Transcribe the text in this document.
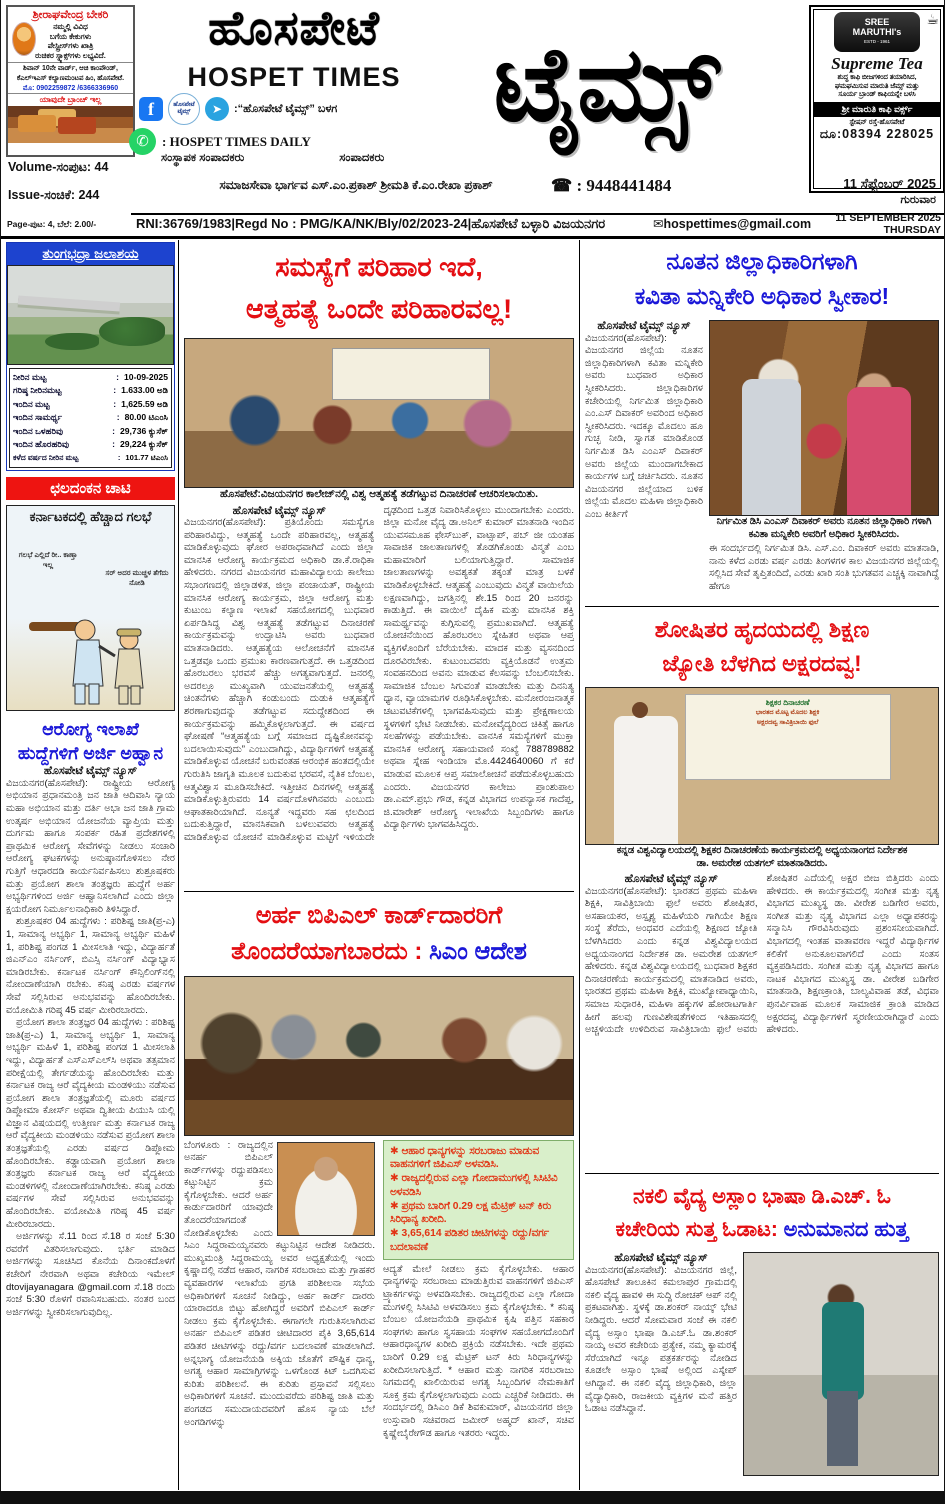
ಶ್ರೀರಾಘವೇಂದ್ರ ಬೇಕರಿ
ನಮ್ಮಲ್ಲಿ ವಿವಿಧ
ಬಗೆಯ ಕೇಕುಗಳು
ಪೇಸ್ಟ್ರೀಸ್‌ಗಳು ಖಾತ್ರಿ
ರುಚಿಕರ ಸ್ನ್ಯಾಕ್ಸ್‌ಗಳು ಲಭ್ಯವಿದೆ.
ಶಿವಾನ್ 10ನೇ ವಾರ್ಡ್, ಆಚಿ ಕಾಂಪೌಂಡ್,
ಕೆಎಲ್‌ಇಎಸ್ ಕಲ್ಯಾಣಮಂಟಪ ಹಿಂ, ಹೊಸಪೇಟೆ.
ಮೊ: 0902259872 /6366336960
ಯಾವುದೇ ಬ್ರಾಂಚ್ ಇಲ್ಲ
ಹೊಸಪೇಟೆ
HOSPET TIMES
f	ಹೊಸಪೇಟೆ ಟೈಮ್ಸ್	➤	:“ಹೊಸಪೇಟೆ ಟೈಮ್ಸ್” ಬಳಗ
✆	: HOSPET TIMES DAILY	ಟೈಮ್ಸ್
☕
SREE
MARUTHI's
ESTD - 1961
Supreme Tea
ಶುದ್ಧ ಕಾಫಿ ಬೀಜಗಳಿಂದ ತಯಾರಿಸಿದ,
ಘಮಘಮಿಸುವ ಮಾರುತಿ ಜೆಮ್ಸ್ ಮತ್ತು
ಸೂರ್ಯ ಬ್ರಾಂಡ್ ಕಾಫಿಯನ್ನೇ ಬಳಸಿ
ಶ್ರೀ ಮಾರುತಿ ಕಾಫಿ ವರ್ಕ್ಸ್
ಸ್ಟೇಷನ್ ರಸ್ತೆ-ಹೊಸಪೇಟೆ
ದೂ:08394 228025
Volume-ಸಂಪುಟ: 44
Issue-ಸಂಚಿಕೆ: 244
ಸಂಸ್ಥಾಪಕ ಸಂಪಾದಕರು	ಸಂಪಾದಕರು
ಸಮಾಜಸೇವಾ ಭಾರ್ಗವ ಎಸ್.ಎಂ.ಪ್ರಕಾಶ್ ಶ್ರೀಮತಿ ಕೆ.ಎಂ.ರೇಖಾ ಪ್ರಕಾಶ್	☎ : 9448441484	11 ಸೆಪ್ಟೆಂಬರ್ 2025
ಗುರುವಾರ
Page-ಪುಟ: 4, ಬೆಲೆ: 2.00/-	RNI:36769/1983|Regd No : PMG/KA/NK/Bly/02/2023-24|ಹೊಸಪೇಟೆ ಬಳ್ಳಾರಿ ವಿಜಯನಗರ	✉hospettimes@gmail.com 11 SEPTEMBER 2025
THURSDAY
ತುಂಗಭದ್ರಾ ಜಲಾಶಯ
ನೀರಿನ ಮಟ್ಟ	: 10-09-2025
ಗರಿಷ್ಠ ನೀರಿನಮಟ್ಟ	: 1.633.00 ಅಡಿ
ಇಂದಿನ ಮಟ್ಟ	: 1,625.59 ಅಡಿ
ಇಂದಿನ ಸಾಮರ್ಥ್ಯ	: 80.00 ಟಿಎಂಸಿ
ಇಂದಿನ ಒಳಹರಿವು	: 29,736 ಕ್ಯುಸೆಕ್
ಇಂದಿನ ಹೊರಹರಿವು	: 29,224 ಕ್ಯುಸೆಕ್
ಕಳೆದ ವರ್ಷದ ನೀರಿನ ಮಟ್ಟ	: 101.77 ಟಿಎಂಸಿ
ಛಲದಂಕನ ಚಾಟಿ
ಕರ್ನಾಟಕದಲ್ಲಿ ಹೆಚ್ಚಾದ ಗಲಭೆ
ಗಲಭೆ ಎಲ್ಲಿದೆ ರೀ.. ಕಾಣ್ತಾ ಇಲ್ಲ
ಸರ್ ಅದರ ಮುಚ್ಚಳ ತೆಗೆದು ನೋಡಿ
ಆರೋಗ್ಯ ಇಲಾಖೆ
ಹುದ್ದೆಗಳಿಗೆ ಅರ್ಜಿ ಅಹ್ವಾನ
ಹೊಸಪೇಟೆ ಟೈಮ್ಸ್ ನ್ಯೂಸ್
ವಿಜಯನಗರ(ಹೊಸಪೇಟೆ): ರಾಷ್ಟ್ರೀಯ ಆರೋಗ್ಯ ಅಭಿಯಾನ ಪ್ರಧಾನಮಂತ್ರಿ ಜನ ಜಾತಿ ಆದಿವಾಸಿ ನ್ಯಾಯ ಮಹಾ ಅಭಿಯಾನ ಮತ್ತು ದರ್ತಿ ಅಭಾ ಜನ ಜಾತಿ ಗ್ರಾಮ ಉತ್ಕರ್ಷ ಅಭಿಯಾನ ಯೋಜನೆಯ ವ್ಯಾಪ್ತಿಯ ಮತ್ತು ದುರ್ಗಮ ಹಾಗೂ ಸಂಪರ್ಕ ರಹಿತ ಪ್ರದೇಶಗಳಲ್ಲಿ ಪ್ರಾಥಮಿಕ ಆರೋಗ್ಯ ಸೇವೆಗಳನ್ನು ನೀಡಲು ಸಂಚಾರಿ ಆರೋಗ್ಯ ಘಟಕಗಳನ್ನು ಅನುಷ್ಠಾನಗೊಳಿಸಲು ನೇರ ಗುತ್ತಿಗೆ ಆಧಾರದಡಿ ಕಾರ್ಯನಿರ್ವಹಿಸಲು ಶುಶ್ರೂಷಕರು ಮತ್ತು ಪ್ರಯೋಗ ಶಾಲಾ ತಂತ್ರಜ್ಞರು ಹುದ್ದೆಗೆ ಅರ್ಹ ಅಭ್ಯರ್ಥಿಗಳಿಂದ ಅರ್ಜಿ ಆಹ್ವಾನಿಸಲಾಗಿದೆ ಎಂದು ಜಿಲ್ಲಾ ಕ್ಷಯರೋಗ ನಿರ್ಮೂಲನಾಧಿಕಾರಿ ತಿಳಿಸಿದ್ದಾರೆ.
ಶುಶ್ರೂಷಕರ 04 ಹುದ್ದೆಗಳು : ಪರಿಶಿಷ್ಟ ಜಾತಿ(ಪ್ರ-ಎ) 1, ಸಾಮಾನ್ಯ ಅಭ್ಯರ್ಥಿ 1, ಸಾಮಾನ್ಯ ಅಭ್ಯರ್ಥಿ ಮಹಿಳೆ 1, ಪರಿಶಿಷ್ಟ ಪಂಗಡ 1 ಮೀಸಲಾತಿ ಇದ್ದು, ವಿದ್ಯಾರ್ಹತೆ ಜಿಎನ್ಎಂ ನರ್ಸಿಂಗ್, ಬಿಎಸ್ಸಿ ನರ್ಸಿಂಗ್ ವಿದ್ಯಾಭ್ಯಾಸ ಮಾಡಿರಬೇಕು. ಕರ್ನಾಟಕ ನರ್ಸಿಂಗ್ ಕೌನ್ಸಿಲಿಂಗ್‌ನಲ್ಲಿ ನೋಂದಾಣೆಯಾಗಿ ರಬೇಕು. ಕನಿಷ್ಠ ಎರಡು ವರ್ಷಗಳ ಸೇವೆ ಸಲ್ಲಿಸಿರುವ ಅನುಭವವನ್ನು ಹೊಂದಿರಬೇಕು. ವಯೋಮಿತಿ ಗರಿಷ್ಠ 45 ವರ್ಷ ಮೀರಿರಬಾರದು.
ಪ್ರಯೋಗ ಶಾಲಾ ತಂತ್ರಜ್ಞರ 04 ಹುದ್ದೆಗಳು : ಪರಿಶಿಷ್ಟ ಜಾತಿ(ಪ್ರ-ಎ) 1, ಸಾಮಾನ್ಯ ಅಭ್ಯರ್ಥಿ 1, ಸಾಮಾನ್ಯ ಅಭ್ಯರ್ಥಿ ಮಹಿಳೆ 1, ಪರಿಶಿಷ್ಟ ಪಂಗಡ 1 ಮೀಸಲಾತಿ ಇದ್ದು, ವಿದ್ಯಾರ್ಹತೆ ಎಸ್‌ಎಸ್‌ಎಲ್‌ಸಿ ಅಥವಾ ತತ್ಸಮಾನ ಪರೀಕ್ಷೆಯಲ್ಲಿ ತೇರ್ಗಡೆಯನ್ನು ಹೊಂದಿರಬೇಕು ಮತ್ತು ಕರ್ನಾಟಕ ರಾಜ್ಯ ಆರೆ ವೈದ್ಯಕೀಯ ಮಂಡಳಿಯು ನಡೆಸುವ ಪ್ರಯೋಗ ಶಾಲಾ ತಂತ್ರಜ್ಞತೆಯಲ್ಲಿ ಮೂರು ವರ್ಷದ ಡಿಪ್ಲೋಮಾ ಕೋರ್ಸ್ ಅಥವಾ ದ್ವಿತೀಯ ಪಿಯುಸಿ ಯಲ್ಲಿ ವಿಜ್ಞಾನ ವಿಷಯದಲ್ಲಿ ಉತ್ತೀರ್ಣ ಮತ್ತು ಕರ್ನಾಟಕ ರಾಜ್ಯ ಆರೆ ವೈದ್ಯಕೀಯ ಮಂಡಳಿಯು ನಡೆಸುವ ಪ್ರಯೋಗ ಶಾಲಾ ತಂತ್ರಜ್ಞತೆಯಲ್ಲಿ ಎರಡು ವರ್ಷದ ಡಿಪ್ಲೋಮ ಹೊಂದಿರಬೇಕು. ಕಡ್ಡಾಯವಾಗಿ ಪ್ರಯೋಗ ಶಾಲಾ ತಂತ್ರಜ್ಞರು ಕರ್ನಾಟಕ ರಾಜ್ಯ ಆರೆ ವೈದ್ಯಕೀಯ ಮಂಡಳಿಗಳಲ್ಲಿ ನೋಂದಾಣೆಯಾಗಿರಬೇಕು. ಕನಿಷ್ಠ ಎರಡು ವರ್ಷಗಳ ಸೇವೆ ಸಲ್ಲಿಸಿರುವ ಅನುಭವವನ್ನು ಹೊಂದಿರಬೇಕು. ವಯೋಮಿತಿ ಗರಿಷ್ಠ 45 ವರ್ಷ ಮೀರಿರಬಾರದು.
ಅರ್ಜಿಗಳನ್ನು ಸೆ.11 ರಿಂದ ಸೆ.18 ರ ಸಂಜೆ 5:30 ರವರೆಗೆ ವಿತರಿಸಲಾಗುವುದು. ಭರ್ತಿ ಮಾಡಿದ ಅರ್ಜಿಗಳನ್ನು ಸೂಚಿಸಿದ ಕೊನೆಯ ದಿನಾಂಕದೊಳಗೆ ಕಚೇರಿಗೆ ನೇರವಾಗಿ ಅಥವಾ ಕಚೇರಿಯ ಇಮೇಲ್ dtovijayanagara @gmail.com ಸೆ.18 ರಂದು ಸಂಜೆ 5:30 ರೊಳಗೆ ರವಾನಿಸಬಹುದು. ನಂತರ ಬಂದ ಅರ್ಜಿಗಳನ್ನು ಸ್ವೀಕರಿಸಲಾಗುವುದಿಲ್ಲ.
ಸಮಸ್ಯೆಗೆ ಪರಿಹಾರ ಇದೆ,
ಆತ್ಮಹತ್ಯೆ ಒಂದೇ ಪರಿಹಾರವಲ್ಲ!
ಹೊಸಪೇಟೆ:ವಿಜಯನಗರ ಕಾಲೇಜ್‌ನಲ್ಲಿ ವಿಶ್ವ ಆತ್ಮಹತ್ಯೆ ತಡೆಗಟ್ಟುವ ದಿನಾಚರಣೆ ಆಚರಿಸಲಾಯಿತು.
ಹೊಸಪೇಟೆ ಟೈಮ್ಸ್ ನ್ಯೂಸ್
ವಿಜಯನಗರ(ಹೊಸಪೇಟೆ): ಪ್ರತಿಯೊಂದು ಸಮಸ್ಯೆಗೂ ಪರಿಹಾರವಿದ್ದು, ಆತ್ಮಹತ್ಯೆ ಒಂದೇ ಪರಿಹಾರವಲ್ಲ, ಆತ್ಮಹತ್ಯೆ ಮಾಡಿಕೊಳ್ಳುವುದು ಘೋರ ಅಪರಾಧವಾಗಿದೆ ಎಂದು ಜಿಲ್ಲಾ ಮಾನಸಿಕ ಆರೋಗ್ಯ ಕಾರ್ಯಕ್ರಮದ ಅಧಿಕಾರಿ ಡಾ.ಕೆ.ರಾಧಿಕಾ ಹೇಳಿದರು. ನಗರದ ವಿಜಯನಗರ ಮಹಾವಿದ್ಯಾಲಯ ಕಾಲೇಜು ಸಭಾಂಗಣದಲ್ಲಿ ಜಿಲ್ಲಾಡಳಿತ, ಜಿಲ್ಲಾ ಪಂಚಾಯತ್, ರಾಷ್ಟ್ರೀಯ ಮಾನಸಿಕ ಆರೋಗ್ಯ ಕಾರ್ಯಕ್ರಮ, ಜಿಲ್ಲಾ ಆರೋಗ್ಯ ಮತ್ತು ಕುಟುಂಬ ಕಲ್ಯಾಣ ಇಲಾಖೆ ಸಹಯೋಗದಲ್ಲಿ ಬುಧವಾರ ಏರ್ಪಡಿಸಿದ್ದ ವಿಶ್ವ ಆತ್ಮಹತ್ಯೆ ತಡೆಗಟ್ಟುವ ದಿನಾಚರಣೆ ಕಾರ್ಯಕ್ರಮವನ್ನು ಉದ್ಘಾಟಿಸಿ ಅವರು ಬುಧವಾರ ಮಾತನಾಡಿದರು. ಆತ್ಮಹತ್ಯೆಯ ಆಲೋಚನೆಗೆ ಮಾನಸಿಕ ಒತ್ತಡವೂ ಒಂದು ಪ್ರಮುಖ ಕಾರಣವಾಗುತ್ತದೆ. ಈ ಒತ್ತಡದಿಂದ ಹೊರಬರಲು ಭರವಸೆ ಹೆಚ್ಚು ಅಗತ್ಯವಾಗುತ್ತದೆ. ಜನರಲ್ಲಿ ಅದರಲ್ಲೂ ಮುಖ್ಯವಾಗಿ ಯುವಜನತೆಯಲ್ಲಿ ಆತ್ಮಹತ್ಯೆ ಚಿಂತನೆಗಳು ಹೆಚ್ಚಾಗಿ ಕಂಡುಬಂದು ದುಡುಕಿ ಆತ್ಮಹತ್ಯೆಗೆ ಶರಣಾಗುವುದನ್ನು ತಡೆಗಟ್ಟುವ ಸದುದ್ದೇಶದಿಂದ ಈ ಕಾರ್ಯಕ್ರಮವನ್ನು ಹಮ್ಮಿಕೊಳ್ಳಲಾಗುತ್ತದೆ. ಈ ವರ್ಷದ ಘೋಷಣೆ “ಆತ್ಮಹತ್ಯೆಯ ಬಗ್ಗೆ ಸಮಾಜದ ದೃಷ್ಟಿಕೋನವನ್ನು ಬದಲಾಯಿಸುವುದು” ಎಂಬುದಾಗಿದ್ದು, ವಿದ್ಯಾರ್ಥಿಗಳಿಗೆ ಆತ್ಮಹತ್ಯೆ ಮಾಡಿಕೊಳ್ಳುವ ಯೋಚನೆ ಬರುವಂತಹ ಆರಂಭಿಕ ಹಂತದಲ್ಲಿಯೇ ಗುರುತಿಸಿ ಜಾಗೃತಿ ಮೂಲಕ ಬದುಕುವ ಭರವಸೆ, ನೈತಿಕ ಬೆಂಬಲ, ಆತ್ಮವಿಶ್ವಾಸ ಮೂಡಿಸಬೇಕಿದೆ. ಇತ್ತೀಚಿನ ದಿನಗಳಲ್ಲಿ ಆತ್ಮಹತ್ಯೆ ಮಾಡಿಕೊಳ್ಳುತ್ತಿರುವರು 14 ವರ್ಷದೊಳಗಿನವರು ಎಂಬುದು ಆಘಾತಕಾರಿಯಾಗಿದೆ. ನೂನ್ಯತೆ ಇದ್ದವರು ಸಹ ಛಲದಿಂದ ಬದುಕುತ್ತಿದ್ದಾರೆ, ಮಾನಸಿಕವಾಗಿ ಬಳಲುವವರು ಆತ್ಮಹತ್ಯೆ ಮಾಡಿಕೊಳ್ಳುವ ಯೋಚನೆ ಮಾಡಿಕೊಳ್ಳುವ ಮಟ್ಟಿಗೆ ಇಳಿಯದೇ ದೃಢದಿಂದ ಒತ್ತಡ ನಿವಾರಿಸಿಕೊಳ್ಳಲು ಮುಂದಾಗಬೇಕು ಎಂದರು. ಜಿಲ್ಲಾ ಮನೋ ವೈದ್ಯ ಡಾ.ಅನಿಲ್ ಕುಮಾರ್ ಮಾತನಾಡಿ ಇಂದಿನ ಯುವಸಮೂಹ ಫೇಸ್‌ಬುಕ್, ವಾಟ್ಸಾಪ್, ಪಬ್ ಜೀ ಯಂತಹ ಸಾವಾಜಿಕ ಜಾಲತಾಣಗಳಲ್ಲಿ ತೊಡಗಿಕೊಂಡು ವಿನ್ಮತೆ ಎಂಬ ಮಹಾಮಾರಿಗೆ ಬಲಿಯಾಗುತ್ತಿದ್ದಾರೆ. ಸಾಮಾಜಿಕ ಜಾಲತಾಣಗಳನ್ನು ಅವಶ್ಯಕತೆ ತಕ್ಕಂತೆ ಮಾತ್ರ ಬಳಕೆ ಮಾಡಿಕೊಳ್ಳಬೇಕಿದೆ. ಆತ್ಮಹತ್ಯೆ ಎಂಬುವುದು ವಿನ್ಮತೆ ವಾಯಿಲೆಯ ಲಕ್ಷಣವಾಗಿದ್ದು, ಜಗತ್ತಿನಲ್ಲಿ ಶೇ.15 ರಿಂದ 20 ಜನರನ್ನು ಕಾಡುತ್ತಿದೆ. ಈ ವಾಯಿಲೆ ದೈಹಿಕ ಮತ್ತು ಮಾನಸಿಕ ಶಕ್ತಿ ಸಾಮರ್ಥ್ಯವನ್ನು ಕುಗ್ಗಿಸುವಲ್ಲಿ ಪ್ರಮುಖವಾಗಿದೆ. ಆತ್ಮಹತ್ಯೆ ಯೋಚನೆಯಿಂದ ಹೊರಬರಲು ಸ್ನೇಹಿತರ ಅಥವಾ ಆಪ್ತ ವ್ಯಕ್ತಿಗಳೊಂದಿಗೆ ಬೆರೆಯಬೇಕು. ಮಾದಕ ಮತ್ತು ವ್ಯಸನದಿಂದ ದೂರವಿರಬೇಕು. ಕುಟುಂಬದವರು ವ್ಯಕ್ತಿಯೊಡನೆ ಉತ್ತಮ ಸಂವಹನದಿಂದ ಅವನು ಮಾಡುವ ಕೆಲಸವನ್ನು ಬೆಂಬಲಿಸಬೇಕು. ಸಾಮಾಜಿಕ ಬೆಂಬಲ ಸಿಗುವಂತೆ ಮಾಡಬೇಕು ಮತ್ತು ದಿನನಿತ್ಯ ಧ್ಯಾನ, ವ್ಯಾಯಾಮಗಳ ರೂಢಿಸಿಕೊಳ್ಳಬೇಕು. ಮನೋರಂಜನಾತ್ಮಕ ಚಟುವಟಿಕೆಗಳಲ್ಲಿ ಭಾಗವಹಿಸುವುದು ಮತ್ತು ಪ್ರೇಕ್ಷಣಾಲಯ ಸ್ಥಳಗಳಿಗೆ ಭೇಟಿ ನೀಡಬೇಕು. ಮನೋವೈದ್ಯರಿಂದ ಚಿಕಿತ್ಸೆ ಹಾಗೂ ಸಲಹೆಗಳನ್ನು ಪಡೆಯಬೇಕು. ವಾನಸಿಕ ಸಮಸ್ಯೆಗಳಿಗೆ ಮುಕ್ತಾ ಮಾನಸಿಕ ಆರೋಗ್ಯ ಸಹಾಯವಾಣಿ ಸಂಖ್ಯೆ 788789882 ಅಥವಾ ಸ್ನೇಹ ಇಂಡಿಯಾ ಮೊ.4424640060 ಗೆ ಕರೆ ಮಾಡುವ ಮೂಲಕ ಆಪ್ತ ಸಮಾಲೋಚನೆ ಪಡೆದುಕೊಳ್ಳಬಹುದು ಎಂದರು. ವಿಜಯನಗರ ಕಾಲೇಜು ಪ್ರಾಂಶುಪಾಲ ಡಾ.ಎಮ್.ಪ್ರಭು ಗೌಡ, ಕನ್ನಡ ವಿಭಾಗದ ಉಪನ್ಯಾಸಕ ಗಾದೆಪ್ಪ, ಜಿ.ಮಾರೇಶ್ ಆರೋಗ್ಯ ಇಲಾಖೆಯ ಸಿಬ್ಬಂದಿಗಳು ಹಾಗೂ ವಿದ್ಯಾರ್ಥಿಗಳು ಭಾಗವಹಿಸಿದ್ದರು.
ಅರ್ಹ ಬಿಪಿಎಲ್ ಕಾರ್ಡ್‌ದಾರರಿಗೆ
ತೊಂದರೆಯಾಗಬಾರದು : ಸಿಎಂ ಆದೇಶ
ಬೆಂಗಳೂರು : ರಾಜ್ಯದಲ್ಲಿನ ಅನರ್ಹ ಬಿಪಿಎಲ್ ಕಾರ್ಡ್‌ಗಳನ್ನು ರದ್ದುಪಡಿಸಲು ಕಟ್ಟುನಿಟ್ಟಿನ ಕ್ರಮ ಕೈಗೊಳ್ಳಬೇಕು. ಆದರೆ ಅರ್ಹ ಕಾರ್ಡುದಾರರಿಗೆ ಯಾವುದೇ ತೊಂದರೆಯಾಗದಂತೆ ನೋಡಿಕೊಳ್ಳಬೇಕು ಎಂದು ಸಿಎಂ ಸಿದ್ದರಾಮಯ್ಯನವರು ಕಟ್ಟುನಿಟ್ಟಿನ ಆದೇಶ ನೀಡಿದರು. ಮುಖ್ಯಮಂತ್ರಿ ಸಿದ್ದರಾಮಯ್ಯ ಅವರ ಅಧ್ಯಕ್ಷತೆಯಲ್ಲಿ ಇಂದು ಕೃಷ್ಣಾದಲ್ಲಿ ನಡೆದ ಆಹಾರ, ನಾಗರಿಕ ಸರಬರಾಜು ಮತ್ತು ಗ್ರಾಹಕರ ವ್ಯವಹಾರಗಳ ಇಲಾಖೆಯ ಪ್ರಗತಿ ಪರಿಶೀಲನಾ ಸಭೆಯ ಅಧಿಕಾರಿಗಳಿಗೆ ಸೂಚನೆ ನೀಡಿದ್ದು, ಅರ್ಹ ಕಾರ್ಡ್ ದಾರರು ಯಾರಾದರೂ ಬಿಟ್ಟು ಹೋಗಿದ್ದರೆ ಅವರಿಗೆ ಬಿಪಿಎಲ್ ಕಾರ್ಡ್ ನೀಡಲು ಕ್ರಮ ಕೈಗೊಳ್ಳಬೇಕು. ಈಗಾಗಲೇ ಗುರುತಿಸಲಾಗಿರುವ ಅನರ್ಹ ಬಿಪಿಎಲ್ ಪಡಿತರ ಚೀಟಿದಾರರ ಪೈಕಿ 3,65,614 ಪಡಿತರ ಚೀಟಿಗಳನ್ನು ರದ್ದು/ವರ್ಗ ಬದಲಾವಣೆ ಮಾಡಲಾಗಿದೆ. ಅನ್ನಭಾಗ್ಯ ಯೋಜನೆಯಡಿ ಅಕ್ಕಿಯ ಜೊತೆಗೆ ಪೌಷ್ಟಿಕ ಧಾನ್ಯ, ಅಗತ್ಯ ಆಹಾರ ಸಾಮಾಗ್ರಿಗಳನ್ನು ಒಳಗೊಂಡ ಕಿಟ್ ಒದಗಿಸುವ ಕುರಿತು ಪರಿಶೀಲನೆ. ಈ ಕುರಿತು ಪ್ರಸ್ತಾವನೆ ಸಲ್ಲಿಸಲು ಅಧಿಕಾರಿಗಳಿಗೆ ಸೂಚನೆ. ಮುಂದುವರೆದು ಪರಿಶಿಷ್ಟ ಜಾತಿ ಮತ್ತು ಪಂಗಡದ ಸಮುದಾಯದವರಿಗೆ ಹೊಸ ನ್ಯಾಯ ಬೆಲೆ ಅಂಗಡಿಗಳನ್ನು
✱ ಆಹಾರ ಧಾನ್ಯಗಳನ್ನು ಸರಬರಾಜು ಮಾಡುವ ವಾಹನಗಳಿಗೆ ಜಿಪಿಎಸ್ ಅಳವಡಿಸಿ.
✱ ರಾಜ್ಯದಲ್ಲಿರುವ ಎಲ್ಲಾ ಗೋದಾಮುಗಳಲ್ಲಿ ಸಿಸಿಟಿವಿ ಅಳವಡಿಸಿ
✱ ಪ್ರಥಮ ಬಾರಿಗೆ 0.29 ಲಕ್ಷ ಮೆಟ್ರಿಕ್ ಟನ್ ಕಿರು ಸಿರಿಧಾನ್ಯ ಖರೀದಿ.
✱ 3,65,614 ಪಡಿತರ ಚೀಟಿಗಳನ್ನು ರದ್ದು/ವರ್ಗ ಬದಲಾವಣೆ
ಆದ್ಯತೆ ಮೇಲೆ ನೀಡಲು ಕ್ರಮ ಕೈಗೊಳ್ಳಬೇಕು. ಆಹಾರ ಧಾನ್ಯಗಳನ್ನು ಸರಬರಾಜು ಮಾಡುತ್ತಿರುವ ವಾಹನಗಳಿಗೆ ಜಿಪಿಎಸ್ ಟ್ರ್ಯಾಕರ್ಗಳನ್ನು ಅಳವಡಿಸಬೇಕು. ರಾಜ್ಯದಲ್ಲಿರುವ ಎಲ್ಲಾ ಗೋದಾ ಮುಗಳಲ್ಲಿ ಸಿಸಿಟಿವಿ ಅಳವಡಿಸಲು ಕ್ರಮ ಕೈಗೊಳ್ಳಬೇಕು. * ಕನಿಷ್ಠ ಬೆಂಬಲ ಯೋಜನೆಯಡಿ ಪ್ರಾಥಮಿಕ ಕೃಷಿ ಪತ್ತಿನ ಸಹಕಾರ ಸಂಘಗಳು ಹಾಗೂ ಸ್ವಸಹಾಯ ಸಂಘಗಳ ಸಹಯೋಗದೊಂದಿಗೆ ಆಹಾರಧಾನ್ಯಗಳ ಖರೀದಿ ಪ್ರಕ್ರಿಯೆ ನಡೆಸಬೇಕು. ಇದೇ ಪ್ರಥಮ ಬಾರಿಗೆ 0.29 ಲಕ್ಷ ಮೆಟ್ರಿಕ್ ಟನ್ ಕಿರು ಸಿರಿಧಾನ್ಯಗಳನ್ನು ಖರೀದಿಸಲಾಗುತ್ತಿದೆ. * ಆಹಾರ ಮತ್ತು ನಾಗರಿಕ ಸರಬರಾಜು ನಿಗಮದಲ್ಲಿ ಖಾಲಿಯಿರುವ ಅಗತ್ಯ ಸಿಬ್ಬಂದಿಗಳ ನೇಮಕಾತಿಗೆ ಸೂಕ್ತ ಕ್ರಮ ಕೈಗೊಳ್ಳಲಾಗುವುದು ಎಂದು ಎಚ್ಚರಿಕೆ ನೀಡಿದರು. ಈ ಸಂದರ್ಭದಲ್ಲಿ ಡಿಸಿಎಂ ಡಿಕೆ ಶಿವಕುಮಾರ್, ವಿಜಯನಗರ ಜಿಲ್ಲಾ ಉಸ್ತುವಾರಿ ಸಚಿವರಾದ ಜಮೀರ್ ಅಹ್ಮದ್ ಖಾನ್, ಸಚಿವ ಕೃಷ್ಣೇಬೈರೇಗೌಡ ಹಾಗೂ ಇತರರು ಇದ್ದರು.
ನೂತನ ಜಿಲ್ಲಾಧಿಕಾರಿಗಳಾಗಿ
ಕವಿತಾ ಮನ್ನಿಕೇರಿ ಅಧಿಕಾರ ಸ್ವೀಕಾರ!
ಹೊಸಪೇಟೆ ಟೈಮ್ಸ್ ನ್ಯೂಸ್
ವಿಜಯನಗರ(ಹೊಸಪೇಟೆ): ವಿಜಯನಗರ ಜಿಲ್ಲೆಯ ನೂತನ ಜಿಲ್ಲಾಧಿಕಾರಿಗಳಾಗಿ ಕವಿತಾ ಮನ್ನಿಕೇರಿ ಅವರು ಬುಧವಾರ ಅಧಿಕಾರ ಸ್ವೀಕರಿಸಿದರು. ಜಿಲ್ಲಾಧಿಕಾರಿಗಳ ಕಚೇರಿಯಲ್ಲಿ ನಿರ್ಗಮಿತ ಜಿಲ್ಲಾಧಿಕಾರಿ ಎಂ.ಎಸ್ ದಿವಾಕರ್ ಅವರಿಂದ ಅಧಿಕಾರ ಸ್ವೀಕರಿಸಿದರು. ಇದಕ್ಕೂ ಮೊದಲು ಹೂ ಗುಚ್ಛ ನೀಡಿ, ಸ್ವಾಗತ ಮಾಡಿಕೊಂಡ ನಿರ್ಗಮಿತ ಡಿಸಿ ಎಂಎಸ್ ದಿವಾಕರ್ ಅವರು ಜಿಲ್ಲೆಯ ಮುಂದಾಗಬೇಕಾದ ಕಾರ್ಯಗಳ ಬಗ್ಗೆ ಚರ್ಚಿಸಿದರು. ನೂತನ ವಿಜಯನಗರ ಜಿಲ್ಲೆಯಾದ ಬಳಿಕ ಜಿಲ್ಲೆಯ ಮೊದಲ ಮಹಿಳಾ ಜಿಲ್ಲಾಧಿಕಾರಿ ಎಂಬ ಕೀರ್ತಿಗೆ
ನಿರ್ಗಮಿತ ಡಿಸಿ ಎಂಎಸ್ ದಿವಾಕರ್ ಅವರು ನೂತನ ಜಿಲ್ಲಾಧಿಕಾರಿ ಗಳಾಗಿ ಕವಿತಾ ಮನ್ನಿಕೇರಿ ಅವರಿಗೆ ಅಧಿಕಾರ ಸ್ವೀಕರಿಸಿದರು.
ಈ ಸಂದರ್ಭದಲ್ಲಿ ನಿರ್ಗಮಿತ ಡಿಸಿ. ಎಸ್.ಎಂ. ದಿವಾಕರ್ ಅವರು ಮಾತನಾಡಿ, ನಾನು ಕಳೆದ ಎರಡು ವರ್ಷ ಎರಡು ತಿಂಗಳಗಳ ಕಾಲ ವಿಜಯನಗರ ಜಿಲ್ಲೆಯಲ್ಲಿ ಸಲ್ಲಿಸಿದ ಸೇವೆ ತೃಪ್ತಿತಂದಿದೆ, ಎರಡು ಖಾರಿ ಸಂತಿ ಭುಗತವನ ಎಚ್ಚಕ್ಕಿ ನಾವಾಗಿದ್ದೆ ಹೇಗೂ
ಶೋಷಿತರ ಹೃದಯದಲ್ಲಿ ಶಿಕ್ಷಣ
ಜ್ಯೋತಿ ಬೆಳಗಿದ ಅಕ್ಷರದವ್ವ!
ಶಿಕ್ಷಕರ ದಿನಾಚರಣೆ
ಭಾರತದ ಮೊಟ್ಟ ಮೊದಲ ಶಿಕ್ಷಕಿ
ಅಕ್ಷರದವ್ವ ಸಾವಿತ್ರಿಬಾಯಿ ಫುಲೆ
ಕನ್ನಡ ವಿಶ್ವವಿದ್ಯಾಲಯದಲ್ಲಿ ಶಿಕ್ಷಕರ ದಿನಾಚರಣೆಯ ಕಾರ್ಯಕ್ರಮದಲ್ಲಿ ಅಧ್ಯಯನಾಂಗದ ನಿರ್ದೇಶಕ
ಡಾ. ಅಮರೇಶ ಯತಗಲ್ ಮಾತನಾಡಿದರು.
ಹೊಸಪೇಟೆ ಟೈಮ್ಸ್ ನ್ಯೂಸ್
ವಿಜಯನಗರ(ಹೊಸಪೇಟೆ): ಭಾರತದ ಪ್ರಥಮ ಮಹಿಳಾ ಶಿಕ್ಷಕಿ, ಸಾವಿತ್ರಿಬಾಯಿ ಫುಲೆ ಅವರು ಶೋಷಿತರ, ಅಸಹಾಯಕರ, ಅಸ್ಪೃಶ್ಯ ಮಹಿಳೆಯರಿ ಗಾಗಿಯೇ ಶಿಕ್ಷಣ ಸಂಸ್ಥೆ ತೆರೆದು, ಅಂಧವರ ಎದೆಯಲ್ಲಿ ಶಿಕ್ಷಣದ ಜ್ಯೋತಿ ಬೆಳಗಿಸಿದರು ಎಂದು ಕನ್ನಡ ವಿಶ್ವವಿದ್ಯಾಲಯದ ಅಧ್ಯಯನಾಂಗದ ನಿರ್ದೇಶಕ ಡಾ. ಅಮರೇಶ ಯತಗಲ್ ಹೇಳಿದರು. ಕನ್ನಡ ವಿಶ್ವವಿದ್ಯಾಲಯದಲ್ಲಿ ಬುಧವಾರ ಶಿಕ್ಷಕರ ದಿನಾಚರಣೆಯ ಕಾರ್ಯಕ್ರಮದಲ್ಲಿ ಮಾತನಾಡಿದ ಅವರು, ಭಾರತದ ಪ್ರಥಮ ಮಹಿಳಾ ಶಿಕ್ಷಕಿ, ಮುಖ್ಯೋಪಾಧ್ಯಾಯಿನಿ, ಸಮಾಜ ಸುಧಾರಕಿ, ಮಹಿಳಾ ಹಕ್ಕುಗಳ ಹೋರಾಟಗಾರ್ತಿ ಹೀಗೆ ಹಲವು ಗುಣವಿಶೇಷತೆಗಳಿಂದ ಇತಿಹಾಸದಲ್ಲಿ ಅಚ್ಚಳಿಯದೇ ಉಳಿದಿರುವ ಸಾವಿತ್ರಿಬಾಯಿ ಫುಲೆ ಅವರು ಶೋಷಿತರ ಎದೆಯಲ್ಲಿ ಅಕ್ಷರ ಬೀಜ ಬಿತ್ತಿದರು ಎಂದು ಹೇಳಿದರು. ಈ ಕಾರ್ಯಕ್ರಮದಲ್ಲಿ ಸಂಗೀತ ಮತ್ತು ನೃತ್ಯ ವಿಭಾಗದ ಮುಖ್ಯಸ್ಥ ಡಾ. ವೀರೇಶ ಬಡಿಗೇರ ಅವರು, ಸಂಗೀತ ಮತ್ತು ನೃತ್ಯ ವಿಭಾಗದ ಎಲ್ಲಾ ಅಧ್ಯಾಪಕರನ್ನು ಸನ್ಮಾನಿಸಿ ಗೌರವಿಸಿರುವುದು ಪ್ರಶಂಸನೀಯವಾಗಿದೆ. ವಿಭಾಗದಲ್ಲಿ ಇಂತಹ ವಾತಾವರಣ ಇದ್ದರೆ ವಿದ್ಯಾರ್ಥಿಗಳ ಕಲಿಕೆಗೆ ಅನುಕೂಲವಾಗಲಿದೆ ಎಂದು ಸಂತಸ ವ್ಯಕ್ತಪಡಿಸಿದರು. ಸಂಗೀತ ಮತ್ತು ನೃತ್ಯ ವಿಭಾಗದ ಹಾಗೂ ನಾಟಕ ವಿಭಾಗದ ಮುಖ್ಯಸ್ಥ ಡಾ. ವೀರೇಶ ಬಡಿಗೇರ ಮಾತನಾಡಿ, ಶಿಕ್ಷಣಕ್ರಾಂತಿ, ಬಾಲ್ಯವಿವಾಹ ತಡೆ, ವಿಧವಾ ಪುನರ್ವಿವಾಹ ಮೂಲಕ ಸಾಮಾಜಿಕ ಕ್ರಾಂತಿ ಮಾಡಿದ ಅಕ್ಷರದವ್ವ ವಿದ್ಯಾರ್ಥಿಗಳಿಗೆ ಸ್ಮರಣೀಯರಾಗಿದ್ದಾರೆ ಎಂದು ಹೇಳಿದರು.
ನಕಲಿ ವೈದ್ಯ ಅಸ್ಲಾಂ ಭಾಷಾ ಡಿ.ಎಚ್. ಓ
ಕಚೇರಿಯ ಸುತ್ತ ಓಡಾಟ: ಅನುಮಾನದ ಹುತ್ತ
ಹೊಸಪೇಟೆ ಟೈಮ್ಸ್ ನ್ಯೂಸ್
ವಿಜಯನಗರ(ಹೊಸಪೇಟೆ): ವಿಜಯನಗರ ಜಿಲ್ಲೆ, ಹೊಸಪೇಟೆ ತಾಲೂಕಿನ ಕಮಲಾಪುರ ಗ್ರಾಮದಲ್ಲಿ ನಕಲಿ ವೈದ್ಯ ಹಾವಳಿ ಈ ಸುದ್ದಿ ರೋಚಕ್ ಆಪ್ ನಲ್ಲಿ ಪ್ರಕಟವಾಗಿತ್ತು. ಸ್ಥಳಕ್ಕೆ ಡಾ.ಶಂಕರ್ ನಾಯ್ಕ್ ಭೇಟಿ ನೀಡಿದ್ದರು. ಆದರೆ ಸೋಮವಾರ ಸಂಜೆ ಈ ನಕಲಿ ವೈದ್ಯ ಅಸ್ಸಾಂ ಭಾಷಾ ಡಿ.ಎಚ್.ಓ ಡಾ.ಶಂಕರ್ ನಾಯ್ಕ ಅವರ ಕಚೇರಿಯ ಪ್ರತ್ಯೇಕ, ನಮ್ಮ ಕ್ಯಾಮರ‌ಕ್ಕೆ ಸೆರೆಯಾಗಿದೆ ಇನ್ನೂ ಪತ್ರಕರ್ತರನ್ನು ನೋಡಿದ ಕೂಡಲೇ ಅಸ್ಸಾಂ ಭಾಷೆ ಅಲ್ಲಿಂದ ಎಸ್ಕೇಪ್ ಆಗಿದ್ದಾನೆ. ಈ ನಕಲಿ ವೈದ್ಯ ಜಿಲ್ಲಾಧಿಕಾರಿ, ಜಿಲ್ಲಾ ವೈದ್ಯಾಧಿಕಾರಿ, ರಾಜಕೀಯ ವ್ಯಕ್ತಿಗಳ ಮನೆ ಹತ್ತಿರ ಓಡಾಟ ನಡೆಸಿದ್ದಾನೆ.
